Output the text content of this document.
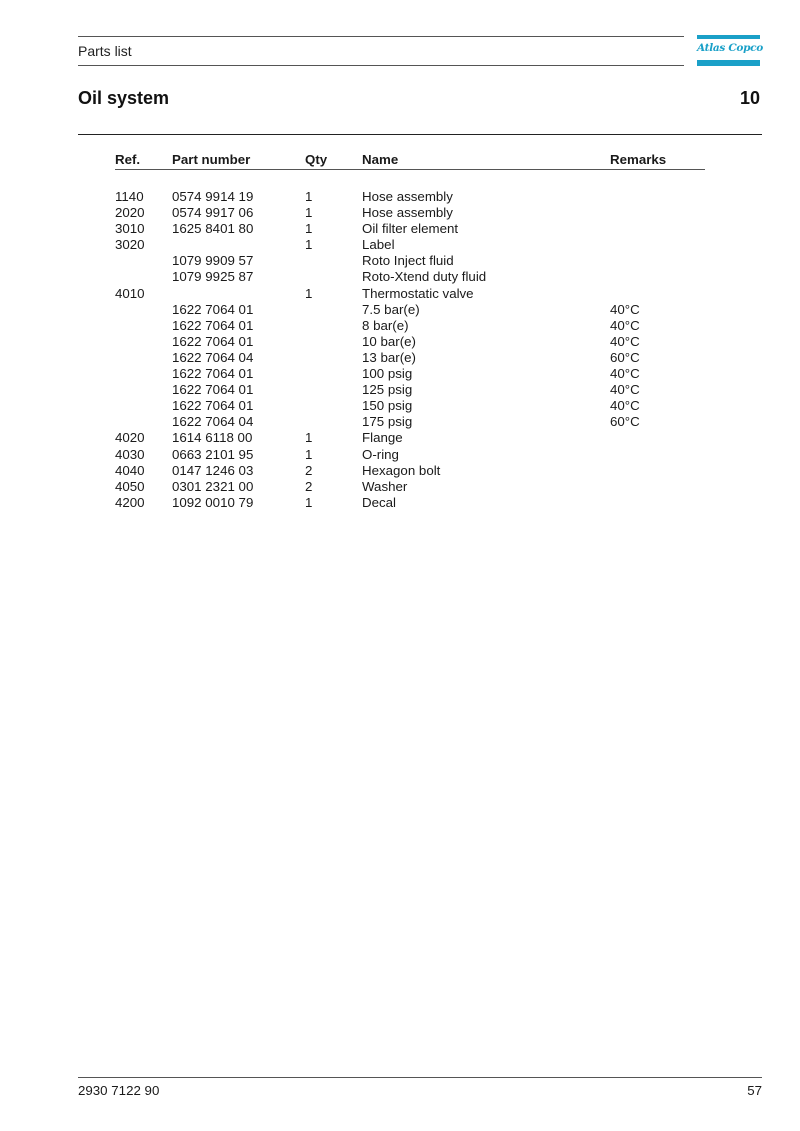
Parts list	Atlas Copco
Oil system	10
Ref. Part number	Qty	Name	Remarks
1140 0574 9914 19	1	Hose assembly
2020 0574 9917 06	1	Hose assembly
3010 1625 8401 80	1	Oil filter element
3020	1	Label
1079 9909 57	Roto Inject fluid
1079 9925 87	Roto-Xtend duty fluid
4010	1	Thermostatic valve
1622 7064 01	7.5 bar(e)	40°C
1622 7064 01	8 bar(e)	40°C
1622 7064 01	10 bar(e)	40°C
1622 7064 04	13 bar(e)	60°C
1622 7064 01	100 psig	40°C
1622 7064 01	125 psig	40°C
1622 7064 01	150 psig	40°C
1622 7064 04	175 psig	60°C
4020 1614 6118 00	1	Flange
4030 0663 2101 95	1	O-ring
4040 0147 1246 03	2	Hexagon bolt
4050 0301 2321 00	2	Washer
4200 1092 0010 79	1	Decal
2930 7122 90	57
